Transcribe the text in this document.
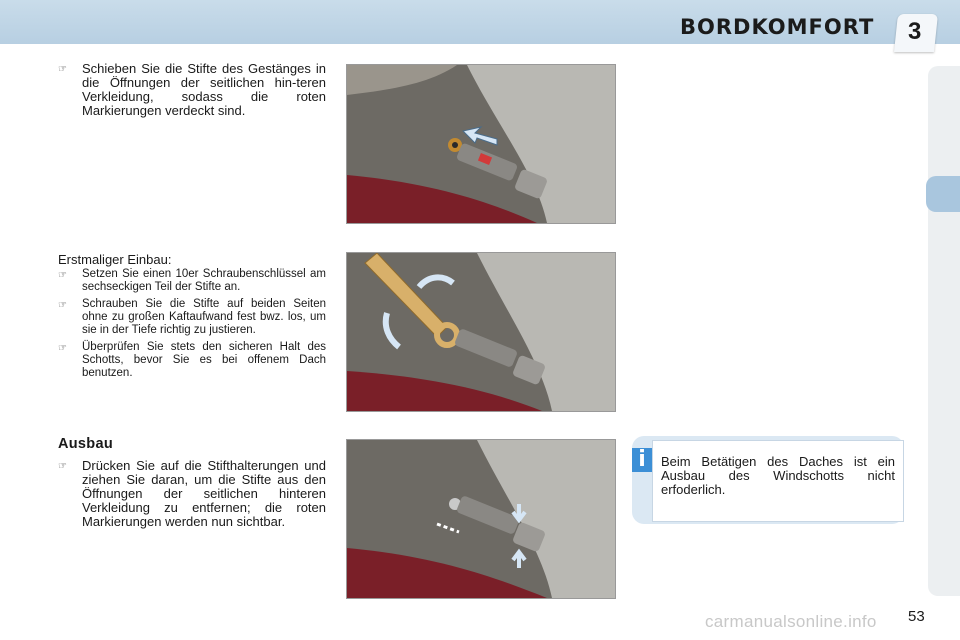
BORDKOMFORT 3
☞ Schieben Sie die Stifte des Gestänges in die Öffnungen der seitlichen hin-teren Verkleidung, sodass die roten Markierungen verdeckt sind.
Erstmaliger Einbau:
☞ Setzen Sie einen 10er Schraubenschlüssel am sechseckigen Teil der Stifte an.
☞ Schrauben Sie die Stifte auf beiden Seiten ohne zu großen Kaftaufwand fest bwz. los, um sie in der Tiefe richtig zu justieren.
☞ Überprüfen Sie stets den sicheren Halt des Schotts, bevor Sie es bei offenem Dach benutzen.
Ausbau
☞ Drücken Sie auf die Stifthalterungen und ziehen Sie daran, um die Stifte aus den Öffnungen der seitlichen hinteren Verkleidung zu entfernen; die roten Markierungen werden nun sichtbar.
i	Beim Betätigen des Daches ist ein Ausbau des Windschotts nicht erfoderlich.
carmanualsonline.info 53
